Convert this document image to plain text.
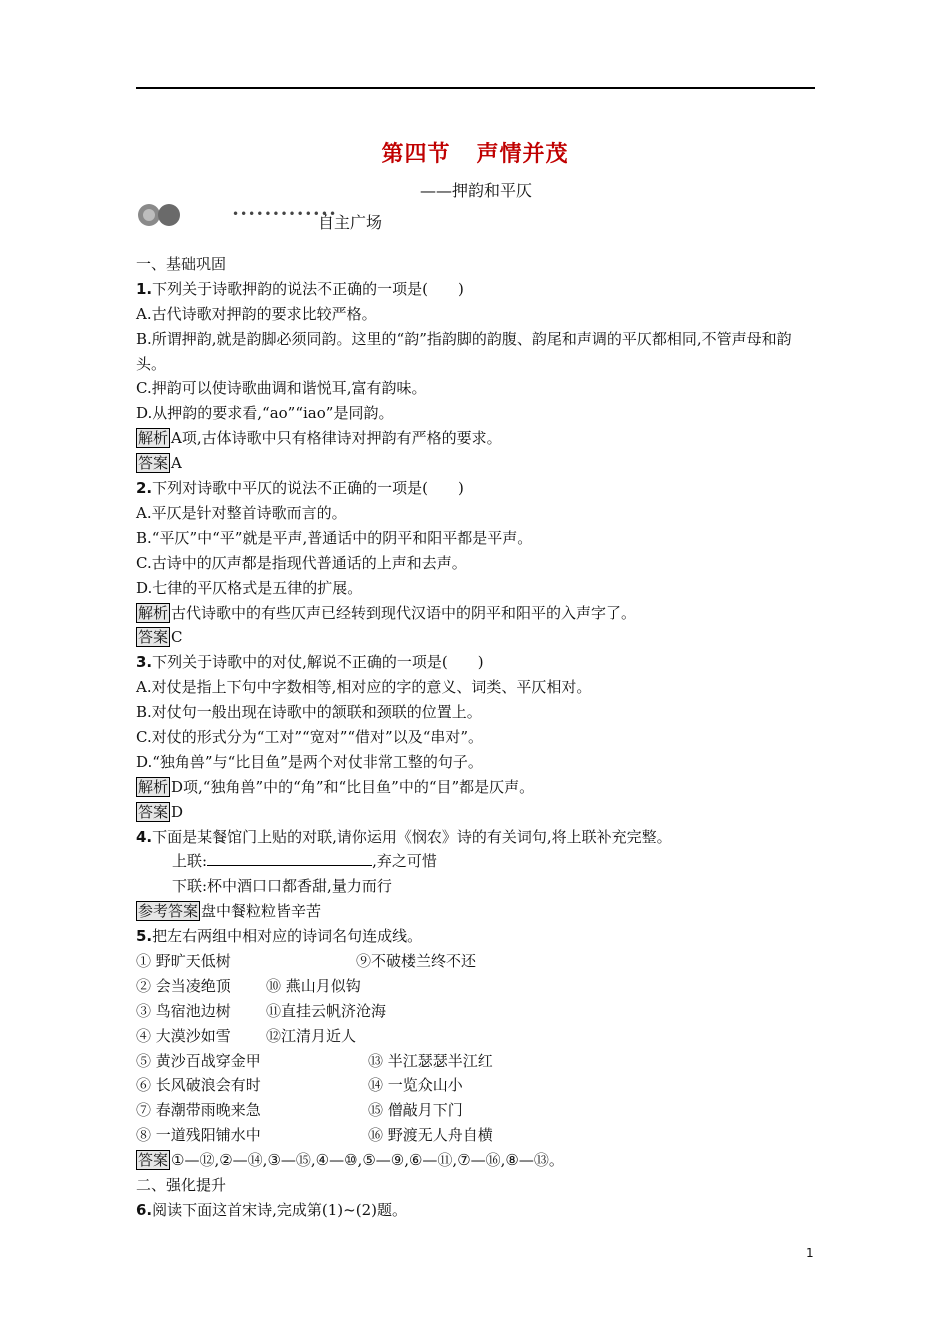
第四节 声情并茂
——押韵和平仄
•••••••••••••
自主广场
一、基础巩固
1.下列关于诗歌押韵的说法不正确的一项是(　　)
A.古代诗歌对押韵的要求比较严格。
B.所谓押韵,就是韵脚必须同韵。这里的“韵”指韵脚的韵腹、韵尾和声调的平仄都相同,不管声母和韵头。
C.押韵可以使诗歌曲调和谐悦耳,富有韵味。
D.从押韵的要求看,“ao”“iao”是同韵。
解析 A项,古体诗歌中只有格律诗对押韵有严格的要求。
答案 A
2.下列对诗歌中平仄的说法不正确的一项是(　　)
A.平仄是针对整首诗歌而言的。
B.“平仄”中“平”就是平声,普通话中的阴平和阳平都是平声。
C.古诗中的仄声都是指现代普通话的上声和去声。
D.七律的平仄格式是五律的扩展。
解析 古代诗歌中的有些仄声已经转到现代汉语中的阴平和阳平的入声字了。
答案 C
3.下列关于诗歌中的对仗,解说不正确的一项是(　　)
A.对仗是指上下句中字数相等,相对应的字的意义、词类、平仄相对。
B.对仗句一般出现在诗歌中的颔联和颈联的位置上。
C.对仗的形式分为“工对”“宽对”“借对”以及“串对”。
D.“独角兽”与“比目鱼”是两个对仗非常工整的句子。
解析 D项,“独角兽”中的“角”和“比目鱼”中的“目”都是仄声。
答案 D
4.下面是某餐馆门上贴的对联,请你运用《悯农》诗的有关词句,将上联补充完整。
上联:	,弃之可惜
下联:杯中酒口口都香甜,量力而行
参考答案 盘中餐粒粒皆辛苦
5.把左右两组中相对应的诗词名句连成线。
① 野旷天低树	⑨不破楼兰终不还
② 会当凌绝顶 ⑩ 燕山月似钩
③ 鸟宿池边树 ⑪直挂云帆济沧海
④ 大漠沙如雪 ⑫江清月近人
⑤ 黄沙百战穿金甲	⑬ 半江瑟瑟半江红
⑥ 长风破浪会有时	⑭ 一览众山小
⑦ 春潮带雨晚来急	⑮ 僧敲月下门
⑧ 一道残阳铺水中	⑯ 野渡无人舟自横
答案 ①—⑫,②—⑭,③—⑮,④—⑩,⑤—⑨,⑥—⑪,⑦—⑯,⑧—⑬。
二、强化提升
6.阅读下面这首宋诗,完成第(1)~(2)题。
1
